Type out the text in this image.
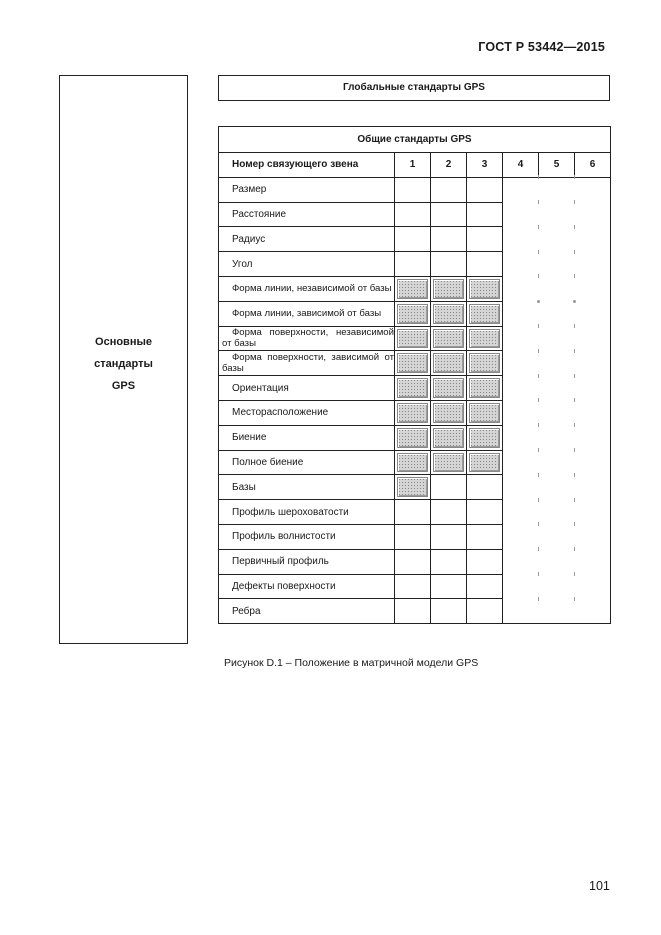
ГОСТ Р 53442—2015
Основные
стандарты
GPS
Глобальные стандарты GPS
Общие стандарты GPS						
Номер связующего звена	1	2	3	4	5	6
Размер						
Расстояние						
Радиус						
Угол						
Форма линии, независимой от базы						
Форма линии, зависимой от базы						
Форма поверхности, независимой от базы						
Форма поверхности, зависимой от базы						
Ориентация						
Месторасположение						
Биение						
Полное биение						
Базы						
Профиль шероховатости						
Профиль волнистости						
Первичный профиль						
Дефекты поверхности						
Ребра						
Рисунок D.1 – Положение в матричной модели GPS
101
